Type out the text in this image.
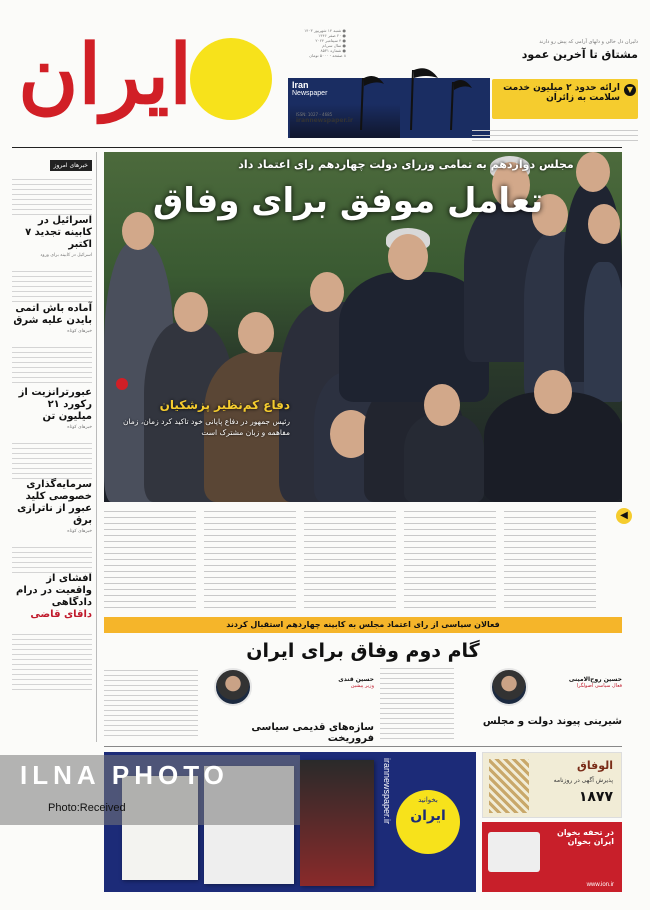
ایران	● شنبه ۱۴ شهریور ۱۴۰۳
● ۲۰ صفر ۱۴۴۶
● ۴ سپتامبر ۲۰۲۴
● سال سی‌ام
● شماره ۸۵۳۱
۸ صفحه - ۵۰۰۰ تومان
Iran
Newspaper
ISSN: 1027 - 4685
irannewspaper.ir
دلیران دل خالی و دلهای آرامی که پیش رو دارند
مشتاق تا آخرین عمود
ارائه حدود ۲ میلیون خدمت سلامت به زائران
▼
خبرهای امروز
اسرائیل در کابینه تجدید ۷ اکتبر

اسرائیل در کابینه برای ورود

آماده باش اتمی بایدن علیه شرق

خبرهای کوتاه

عبورترانزیت از رکورد ۲۱ میلیون تن

خبرهای کوتاه

سرمایه‌گذاری خصوصی کلید عبور از ناترازی برق

خبرهای کوتاه

افشای از واقعیت در درام دادگاهی
داقای قاضی

مجلس دوازدهم به تمامی وزرای دولت چهاردهم رای اعتماد داد
تعامل موفق برای وفاق
دفاع کم‌نظیر پزشکیان
رئیس جمهور در دفاع پایانی خود تاکید کرد زمان، زمان مفاهمه و زبان مشترک است
◀
فعالان سیاسی از رای اعتماد مجلس به کابینه چهاردهم استقبال کردند
گام دوم وفاق برای ایران
حسین روح‌الامینی
فعال سیاسی اصولگرا
شیرینی پیوند دولت و مجلس
حسین قندی
وزیر پیشین
سازه‌های قدیمی سیاسی فروریخت
irannewspaper.ir	ایران
بخوانید
الوفاق
پذیرش آگهی در روزنامه
۱۸۷۷
در تحفه بخوان ایران بخوان
www.ion.ir
ILNA PHOTO
Photo:Received
